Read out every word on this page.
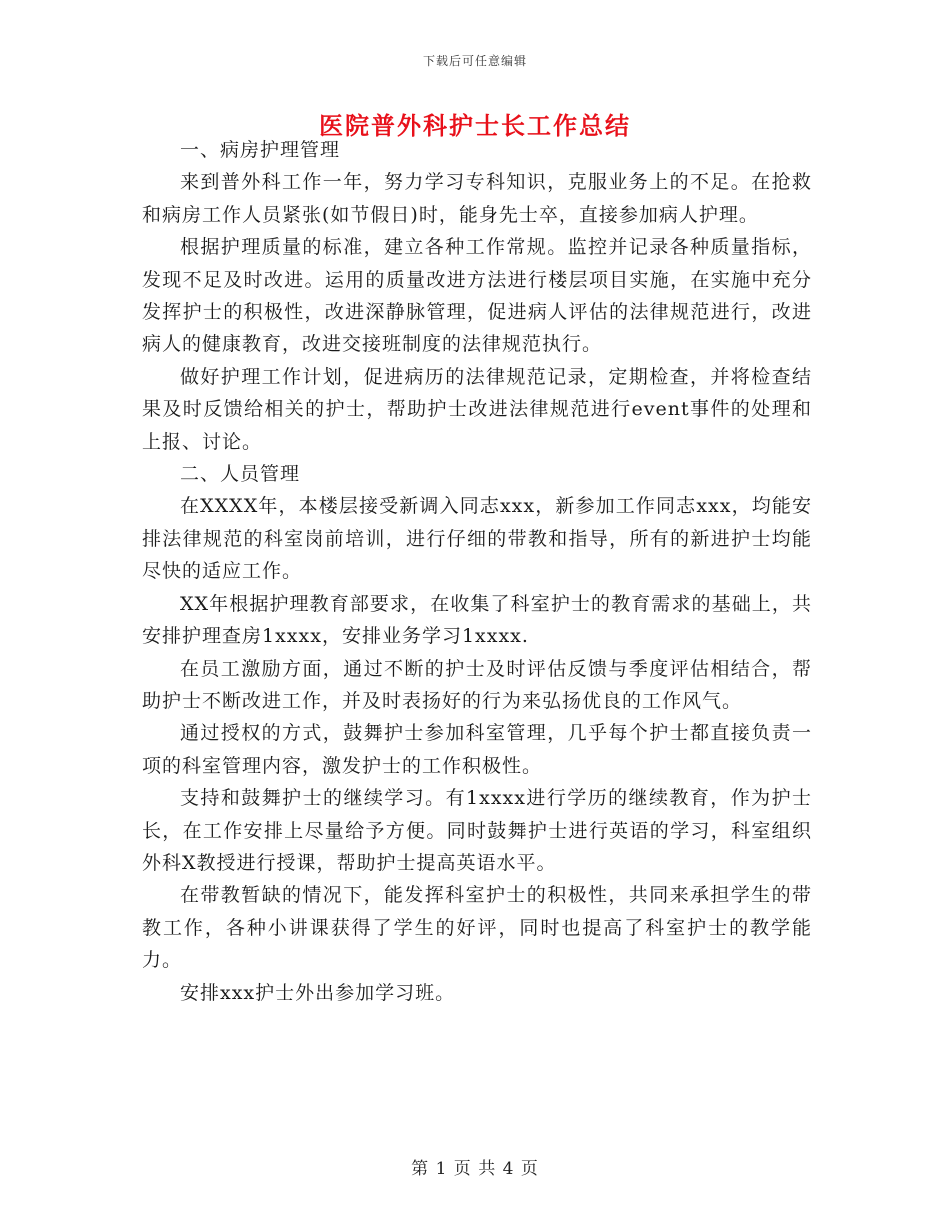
下载后可任意编辑
医院普外科护士长工作总结

一、病房护理管理

来到普外科工作一年，努力学习专科知识，克服业务上的不足。在抢救和病房工作人员紧张(如节假日)时，能身先士卒，直接参加病人护理。

根据护理质量的标准，建立各种工作常规。监控并记录各种质量指标，发现不足及时改进。运用的质量改进方法进行楼层项目实施，在实施中充分发挥护士的积极性，改进深静脉管理，促进病人评估的法律规范进行，改进病人的健康教育，改进交接班制度的法律规范执行。

做好护理工作计划，促进病历的法律规范记录，定期检查，并将检查结果及时反馈给相关的护士，帮助护士改进法律规范进行event事件的处理和上报、讨论。

二、人员管理

在XXXX年，本楼层接受新调入同志xxx，新参加工作同志xxx，均能安排法律规范的科室岗前培训，进行仔细的带教和指导，所有的新进护士均能尽快的适应工作。

XX年根据护理教育部要求，在收集了科室护士的教育需求的基础上，共安排护理查房1xxxx，安排业务学习1xxxx.

在员工激励方面，通过不断的护士及时评估反馈与季度评估相结合，帮助护士不断改进工作，并及时表扬好的行为来弘扬优良的工作风气。

通过授权的方式，鼓舞护士参加科室管理，几乎每个护士都直接负责一项的科室管理内容，激发护士的工作积极性。

支持和鼓舞护士的继续学习。有1xxxx进行学历的继续教育，作为护士长，在工作安排上尽量给予方便。同时鼓舞护士进行英语的学习，科室组织外科X教授进行授课，帮助护士提高英语水平。

在带教暂缺的情况下，能发挥科室护士的积极性，共同来承担学生的带教工作，各种小讲课获得了学生的好评，同时也提高了科室护士的教学能力。

安排xxx护士外出参加学习班。

第 1 页 共 4 页
